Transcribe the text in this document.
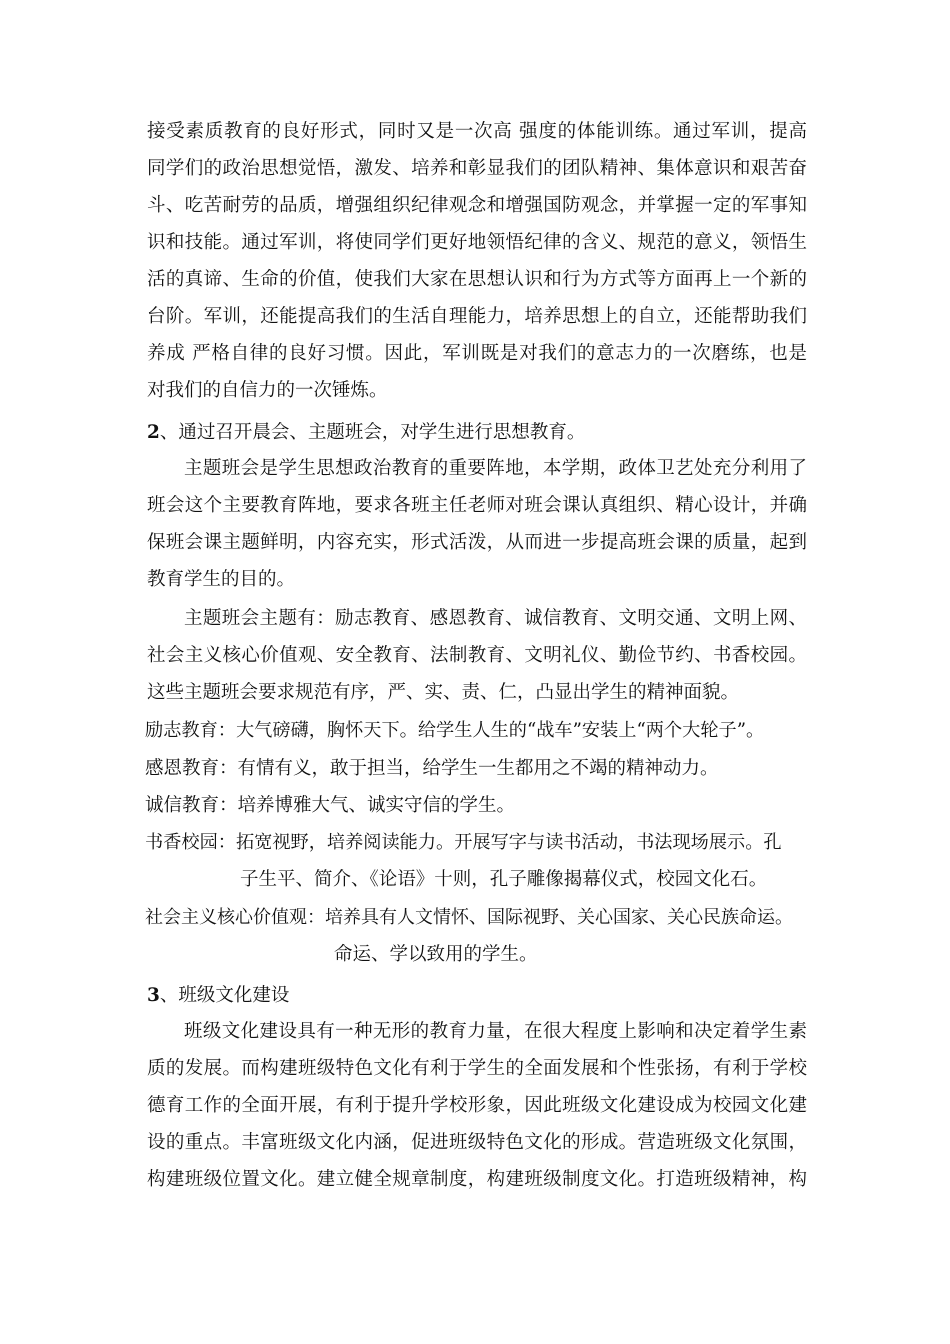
接受素质教育的良好形式，同时又是一次高 强度的体能训练。通过军训，提高
同学们的政治思想觉悟，激发、培养和彰显我们的团队精神、集体意识和艰苦奋
斗、吃苦耐劳的品质，增强组织纪律观念和增强国防观念，并掌握一定的军事知
识和技能。通过军训，将使同学们更好地领悟纪律的含义、规范的意义，领悟生
活的真谛、生命的价值，使我们大家在思想认识和行为方式等方面再上一个新的
台阶。军训，还能提高我们的生活自理能力，培养思想上的自立，还能帮助我们
养成 严格自律的良好习惯。因此，军训既是对我们的意志力的一次磨练，也是
对我们的自信力的一次锤炼。
2、通过召开晨会、主题班会，对学生进行思想教育。
主题班会是学生思想政治教育的重要阵地，本学期，政体卫艺处充分利用了
班会这个主要教育阵地，要求各班主任老师对班会课认真组织、精心设计，并确
保班会课主题鲜明，内容充实，形式活泼，从而进一步提高班会课的质量，起到
教育学生的目的。
主题班会主题有：励志教育、感恩教育、诚信教育、文明交通、文明上网、
社会主义核心价值观、安全教育、法制教育、文明礼仪、勤俭节约、书香校园。
这些主题班会要求规范有序，严、实、责、仁，凸显出学生的精神面貌。
励志教育：大气磅礴，胸怀天下。给学生人生的“战车”安装上“两个大轮子”。
感恩教育：有情有义，敢于担当，给学生一生都用之不竭的精神动力。
诚信教育：培养博雅大气、诚实守信的学生。
书香校园：拓宽视野，培养阅读能力。开展写字与读书活动，书法现场展示。孔
子生平、简介、《论语》十则，孔子雕像揭幕仪式，校园文化石。
社会主义核心价值观：培养具有人文情怀、国际视野、关心国家、关心民族命运。
命运、学以致用的学生。
3、班级文化建设
班级文化建设具有一种无形的教育力量，在很大程度上影响和决定着学生素
质的发展。而构建班级特色文化有利于学生的全面发展和个性张扬，有利于学校
德育工作的全面开展，有利于提升学校形象，因此班级文化建设成为校园文化建
设的重点。丰富班级文化内涵，促进班级特色文化的形成。营造班级文化氛围，
构建班级位置文化。建立健全规章制度，构建班级制度文化。打造班级精神，构
